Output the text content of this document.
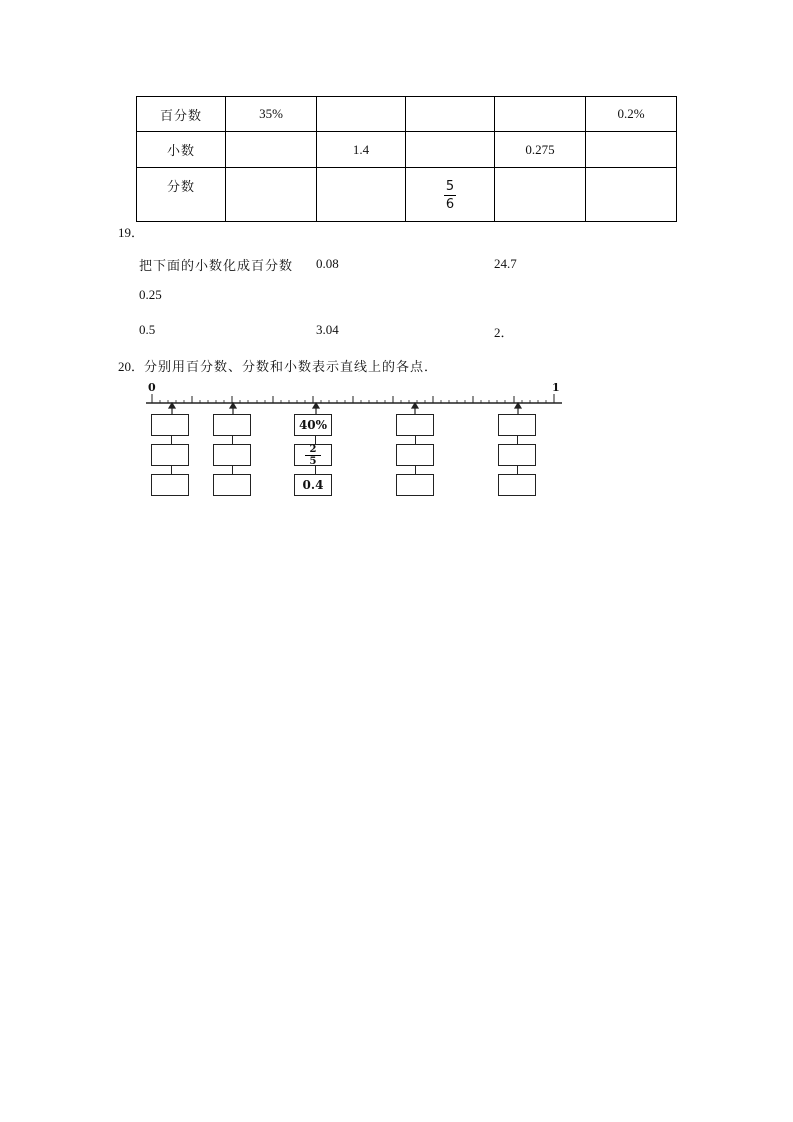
百分数	35%				0.2%
小数		1.4		0.275	
分数			$\frac{5}{6}$

19．
把下面的小数化成百分数 0.08	24.7
0.25
0.5	3.04	2．
20． 分别用百分数、分数和小数表示直线上的各点．
0	1
40%
2
5
0.4
